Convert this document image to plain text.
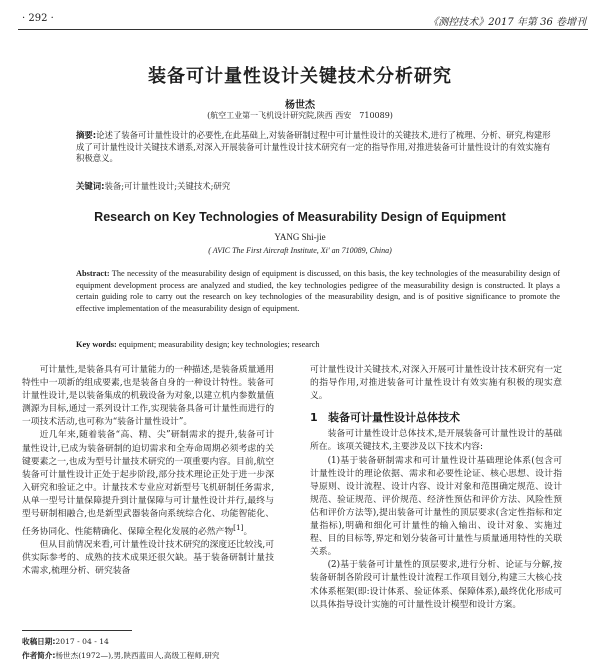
· 292 ·	《测控技术》2017 年第 36 卷增刊
装备可计量性设计关键技术分析研究
杨世杰
(航空工业第一飞机设计研究院,陕西 西安　710089)
摘要:论述了装备可计量性设计的必要性,在此基础上,对装备研制过程中可计量性设计的关键技术,进行了梳理、分析、研究,构建形成了可计量性设计关键技术谱系,对深入开展装备可计量性设计技术研究有一定的指导作用,对推进装备可计量性设计的有效实施有积极意义。
关键词:装备;可计量性设计;关键技术;研究
Research on Key Technologies of Measurability Design of Equipment
YANG Shi-jie
( AVIC The First Aircraft Institute, Xi' an 710089, China)
Abstract: The necessity of the measurability design of equipment is discussed, on this basis, the key technologies of the measurability design of equipment development process are analyzed and studied, the key technologies pedigree of the measurability design is constructed. It plays a certain guiding role to carry out the research on key technologies of the measurability design, and is of positive significance to promote the effective implementation of the measurability design of equipment.
Key words: equipment; measurability design; key technologies; research

可计量性,是装备具有可计量能力的一种描述,是装备质量通用特性中一项新的组成要素,也是装备自身的一种设计特性。装备可计量性设计,是以装备集成的机载设备为对象,以建立机内参数量值测源为目标,通过一系列设计工作,实现装备具备可计量性而进行的一项技术活动,也可称为“装备计量性设计”。

近几年来,随着装备“高、精、尖”研制需求的提升,装备可计量性设计,已成为装备研制的迫切需求和全寿命周期必须考虑的关键要素之一,也成为型号计量技术研究的一项重要内容。目前,航空装备可计量性设计正处于起步阶段,部分技术理论正处于进一步深入研究和验证之中。计量技术专业应对新型号飞机研制任务需求,从单一型号计量保障提升到计量保障与可计量性设计并行,最终与型号研制相融合,也是新型武器装备向系统综合化、功能智能化、任务协同化、性能精确化、保障全程化发展的必然产物[1]。

但从目前情况来看,可计量性设计技术研究的深度还比较浅,可供实际参考的、成熟的技术成果还很欠缺。基于装备研制计量技术需求,梳理分析、研究装备

可计量性设计关键技术,对深入开展可计量性设计技术研究有一定的指导作用,对推进装备可计量性设计有效实施有积极的现实意义。

1 装备可计量性设计总体技术

装备可计量性设计总体技术,是开展装备可计量性设计的基础所在。该项关键技术,主要涉及以下技术内容:

(1)基于装备研制需求和可计量性设计基础理论体系(包含可计量性设计的理论依据、需求和必要性论证、核心思想、设计指导原则、设计流程、设计内容、设计对象和范围确定规范、设计规范、验证规范、评价规范、经济性预估和评价方法、风险性预估和评价方法等),提出装备可计量性的顶层要求(含定性指标和定量指标),明确和细化可计量性的输入输出、设计对象、实施过程、目的目标等,界定和划分装备可计量性与质量通用特性的关联关系。

(2)基于装备可计量性的顶层要求,进行分析、论证与分解,按装备研制各阶段可计量性设计流程工作项目划分,构建三大核心技术体系框架(即:设计体系、验证体系、保障体系),最终优化形成可以具体指导设计实施的可计量性设计模型和设计方案。

收稿日期:2017 - 04 - 14
作者简介:杨世杰(1972—),男,陕西蓝田人,高级工程师,研究
